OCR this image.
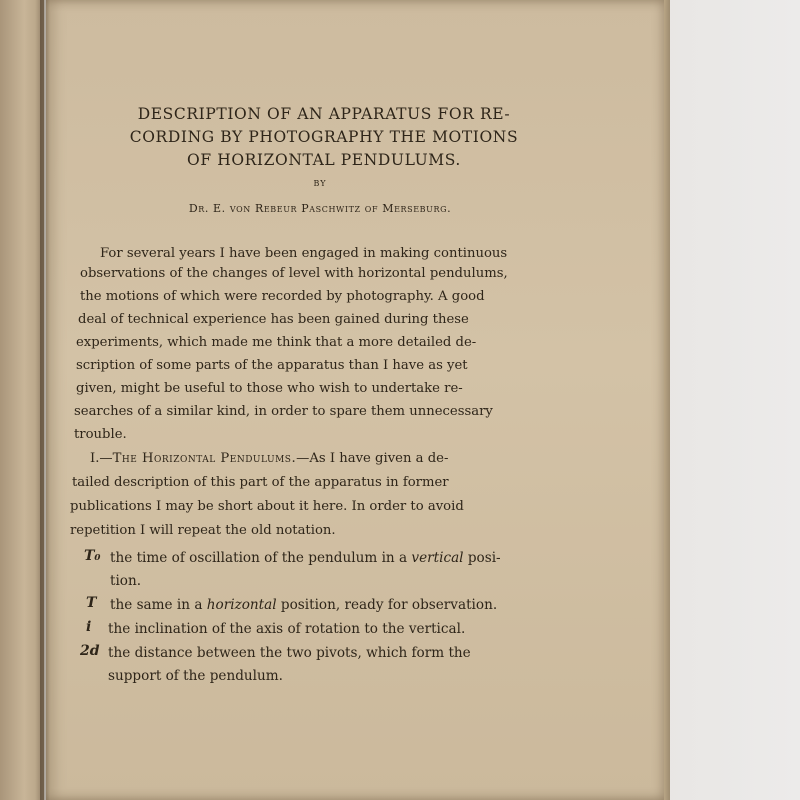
DESCRIPTION OF AN APPARATUS FOR RE-
CORDING BY PHOTOGRAPHY THE MOTIONS
OF HORIZONTAL PENDULUMS.
BY
Dr. E. von Rebeur Paschwitz of Merseburg.
For several years I have been engaged in making continuous
observations of the changes of level with horizontal pendulums,
the motions of which were recorded by photography. A good
deal of technical experience has been gained during these
experiments, which made me think that a more detailed de-
scription of some parts of the apparatus than I have as yet
given, might be useful to those who wish to undertake re-
searches of a similar kind, in order to spare them unnecessary
trouble.
I.—The Horizontal Pendulums.—As I have given a de-
tailed description of this part of the apparatus in former
publications I may be short about it here. In order to avoid
repetition I will repeat the old notation.
T₀ the time of oscillation of the pendulum in a vertical posi-
tion.
T the same in a horizontal position, ready for observation.
i the inclination of the axis of rotation to the vertical.
2d the distance between the two pivots, which form the
support of the pendulum.
